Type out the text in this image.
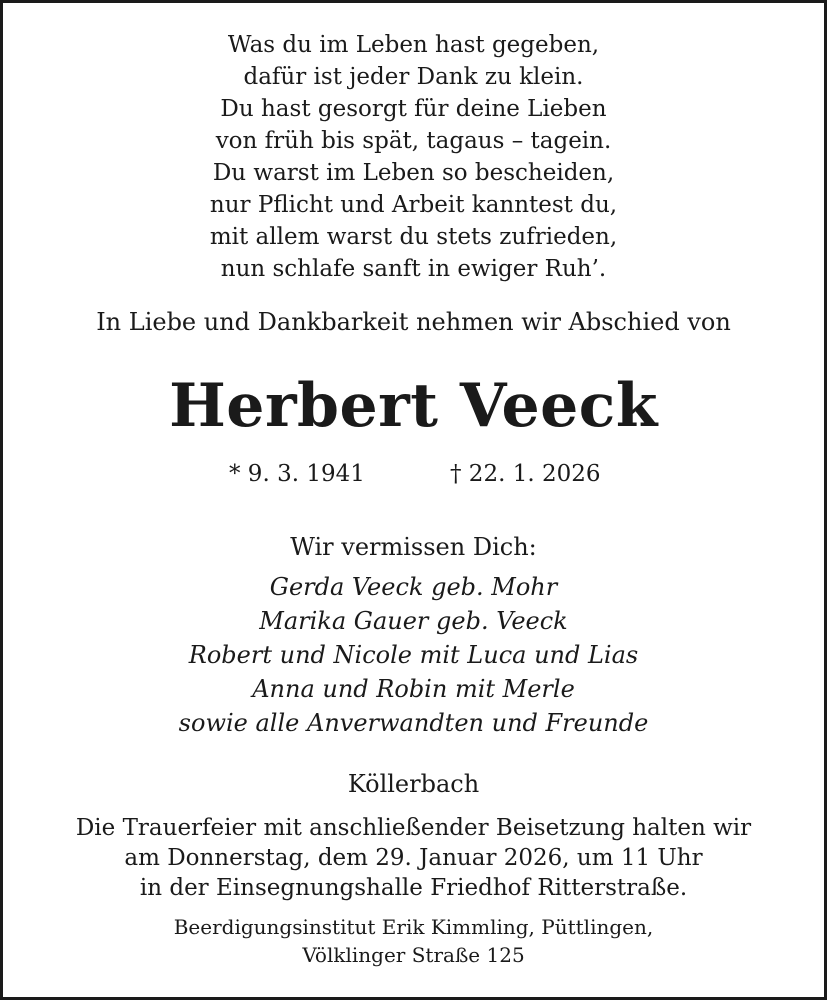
Was du im Leben hast gegeben,
dafür ist jeder Dank zu klein.
Du hast gesorgt für deine Lieben
von früh bis spät, tagaus – tagein.
Du warst im Leben so bescheiden,
nur Pflicht und Arbeit kanntest du,
mit allem warst du stets zufrieden,
nun schlafe sanft in ewiger Ruh’.
In Liebe und Dankbarkeit nehmen wir Abschied von
Herbert Veeck
* 9. 3. 1941	† 22. 1. 2026
Wir vermissen Dich:
Gerda Veeck geb. Mohr
Marika Gauer geb. Veeck
Robert und Nicole mit Luca und Lias
Anna und Robin mit Merle
sowie alle Anverwandten und Freunde
Köllerbach
Die Trauerfeier mit anschließender Beisetzung halten wir
am Donnerstag, dem 29. Januar 2026, um 11 Uhr
in der Einsegnungshalle Friedhof Ritterstraße.
Beerdigungsinstitut Erik Kimmling, Püttlingen,
Völklinger Straße 125
